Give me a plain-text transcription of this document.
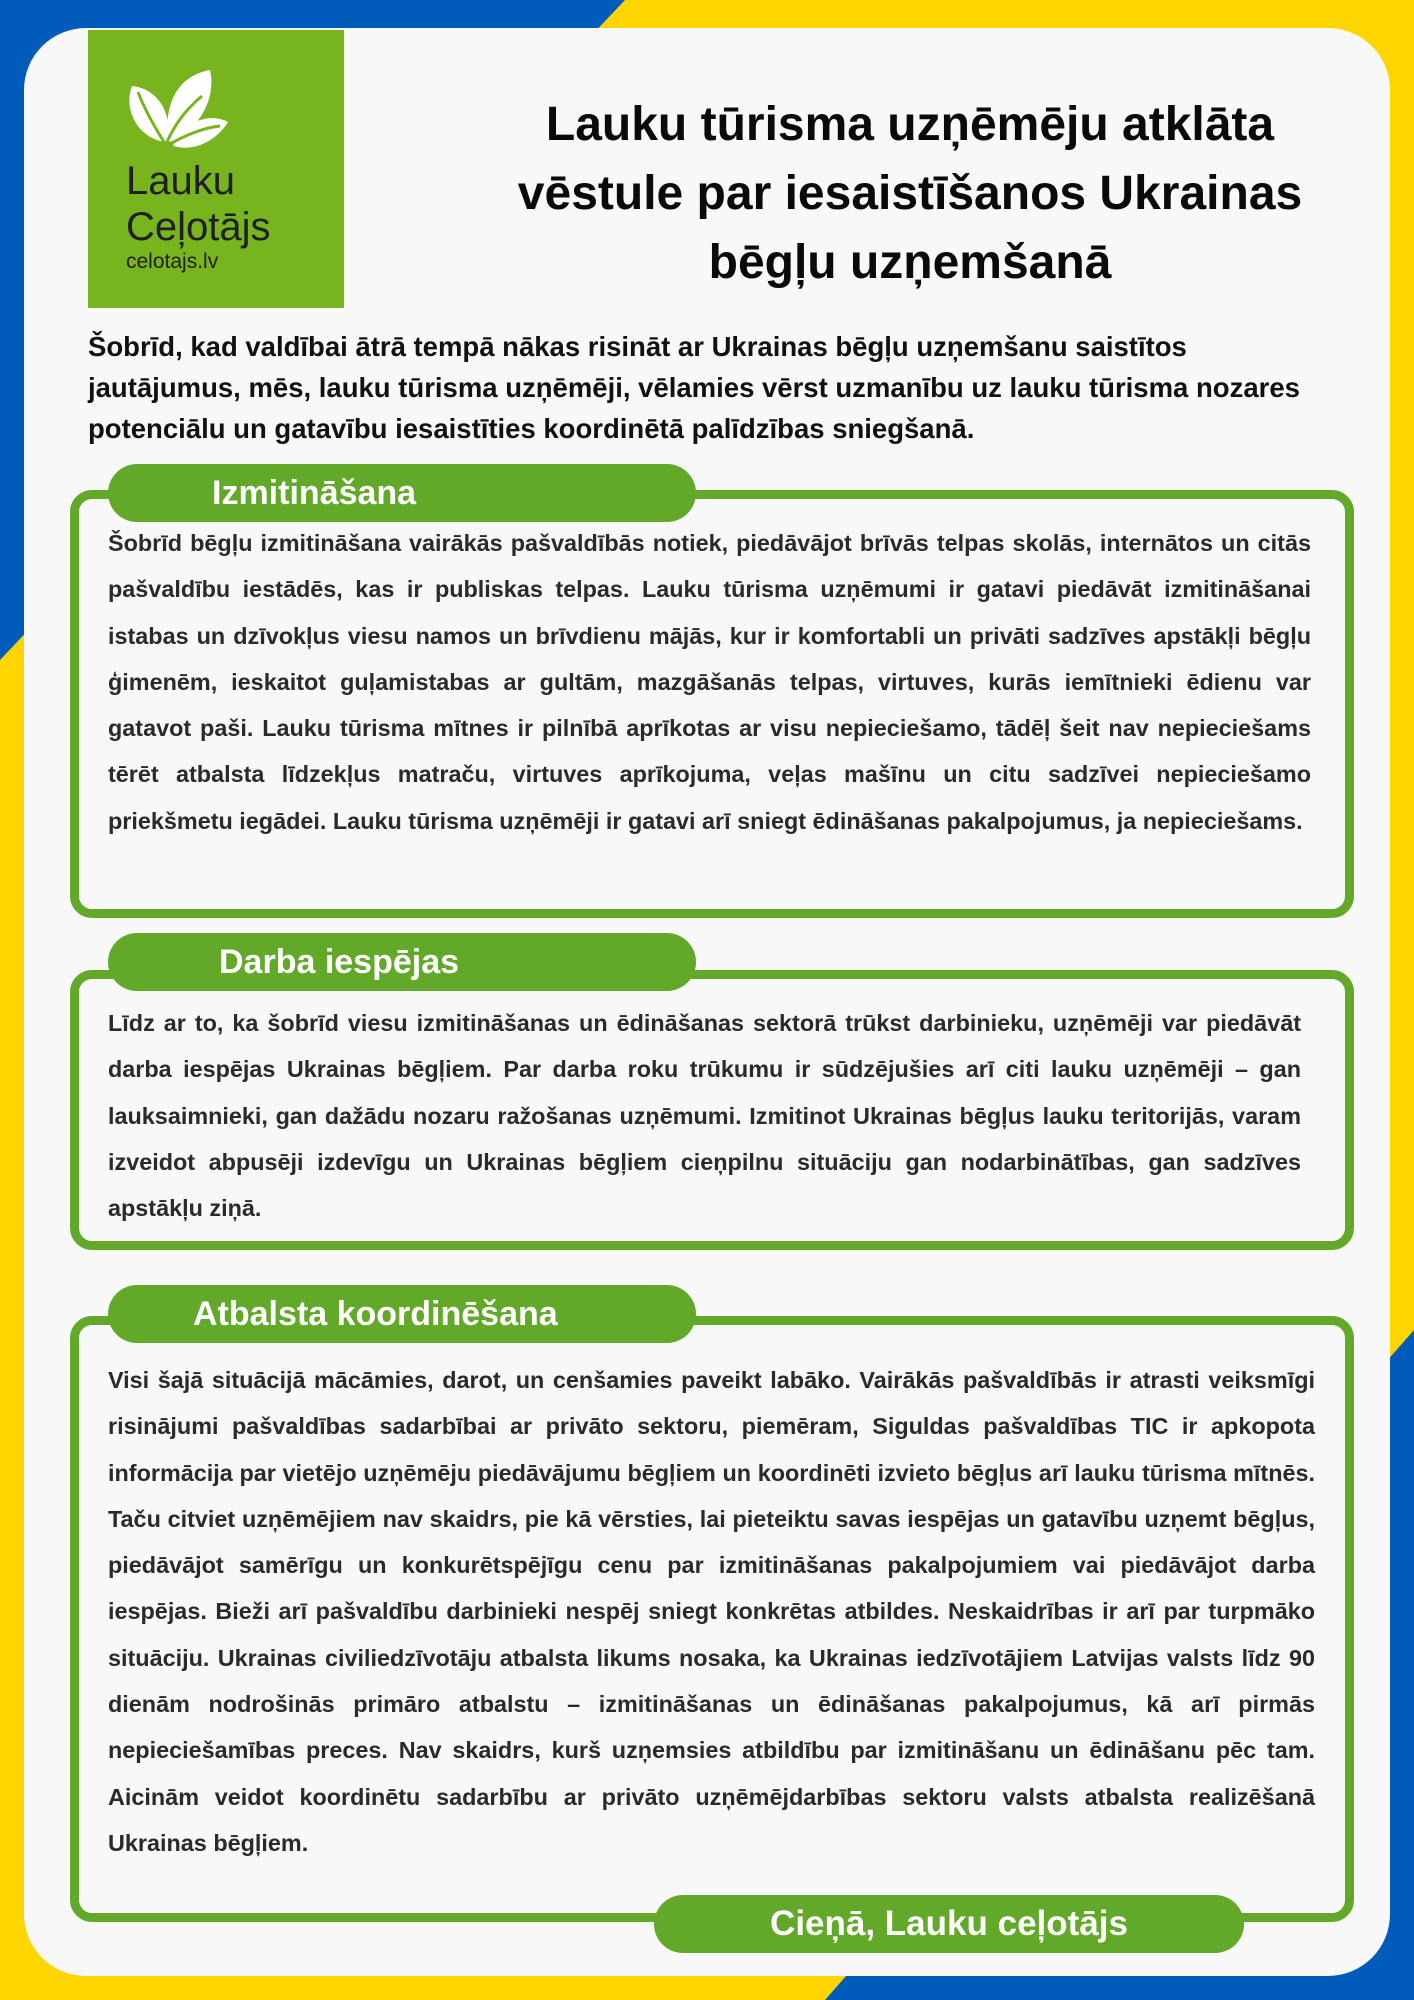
Lauku
Ceļotājs
celotajs.lv
Lauku tūrisma uzņēmēju atklāta
vēstule par iesaistīšanos Ukrainas
bēgļu uzņemšanā
Šobrīd, kad valdībai ātrā tempā nākas risināt ar Ukrainas bēgļu uzņemšanu saistītos jautājumus, mēs, lauku tūrisma uzņēmēji, vēlamies vērst uzmanību uz lauku tūrisma nozares potenciālu un gatavību iesaistīties koordinētā palīdzības sniegšanā.
Izmitināšana
Šobrīd bēgļu izmitināšana vairākās pašvaldībās notiek, piedāvājot brīvās telpas skolās, internātos un citās pašvaldību iestādēs, kas ir publiskas telpas. Lauku tūrisma uzņēmumi ir gatavi piedāvāt izmitināšanai istabas un dzīvokļus viesu namos un brīvdienu mājās, kur ir komfortabli un privāti sadzīves apstākļi bēgļu ģimenēm, ieskaitot guļamistabas ar gultām, mazgāšanās telpas, virtuves, kurās iemītnieki ēdienu var gatavot paši. Lauku tūrisma mītnes ir pilnībā aprīkotas ar visu nepieciešamo, tādēļ šeit nav nepieciešams tērēt atbalsta līdzekļus matraču, virtuves aprīkojuma, veļas mašīnu un citu sadzīvei nepieciešamo priekšmetu iegādei. Lauku tūrisma uzņēmēji ir gatavi arī sniegt ēdināšanas pakalpojumus, ja nepieciešams.
Darba iespējas
Līdz ar to, ka šobrīd viesu izmitināšanas un ēdināšanas sektorā trūkst darbinieku, uzņēmēji var piedāvāt darba iespējas Ukrainas bēgļiem. Par darba roku trūkumu ir sūdzējušies arī citi lauku uzņēmēji – gan lauksaimnieki, gan dažādu nozaru ražošanas uzņēmumi. Izmitinot Ukrainas bēgļus lauku teritorijās, varam izveidot abpusēji izdevīgu un Ukrainas bēgļiem cieņpilnu situāciju gan nodarbinātības, gan sadzīves apstākļu ziņā.
Atbalsta koordinēšana
Visi šajā situācijā mācāmies, darot, un cenšamies paveikt labāko. Vairākās pašvaldībās ir atrasti veiksmīgi risinājumi pašvaldības sadarbībai ar privāto sektoru, piemēram, Siguldas pašvaldības TIC ir apkopota informācija par vietējo uzņēmēju piedāvājumu bēgļiem un koordinēti izvieto bēgļus arī lauku tūrisma mītnēs. Taču citviet uzņēmējiem nav skaidrs, pie kā vērsties, lai pieteiktu savas iespējas un gatavību uzņemt bēgļus, piedāvājot samērīgu un konkurētspējīgu cenu par izmitināšanas pakalpojumiem vai piedāvājot darba iespējas. Bieži arī pašvaldību darbinieki nespēj sniegt konkrētas atbildes. Neskaidrības ir arī par turpmāko situāciju. Ukrainas civiliedzīvotāju atbalsta likums nosaka, ka Ukrainas iedzīvotājiem Latvijas valsts līdz 90 dienām nodrošinās primāro atbalstu – izmitināšanas un ēdināšanas pakalpojumus, kā arī pirmās nepieciešamības preces. Nav skaidrs, kurš uzņemsies atbildību par izmitināšanu un ēdināšanu pēc tam. Aicinām veidot koordinētu sadarbību ar privāto uzņēmējdarbības sektoru valsts atbalsta realizēšanā Ukrainas bēgļiem.
Cieņā, Lauku ceļotājs
